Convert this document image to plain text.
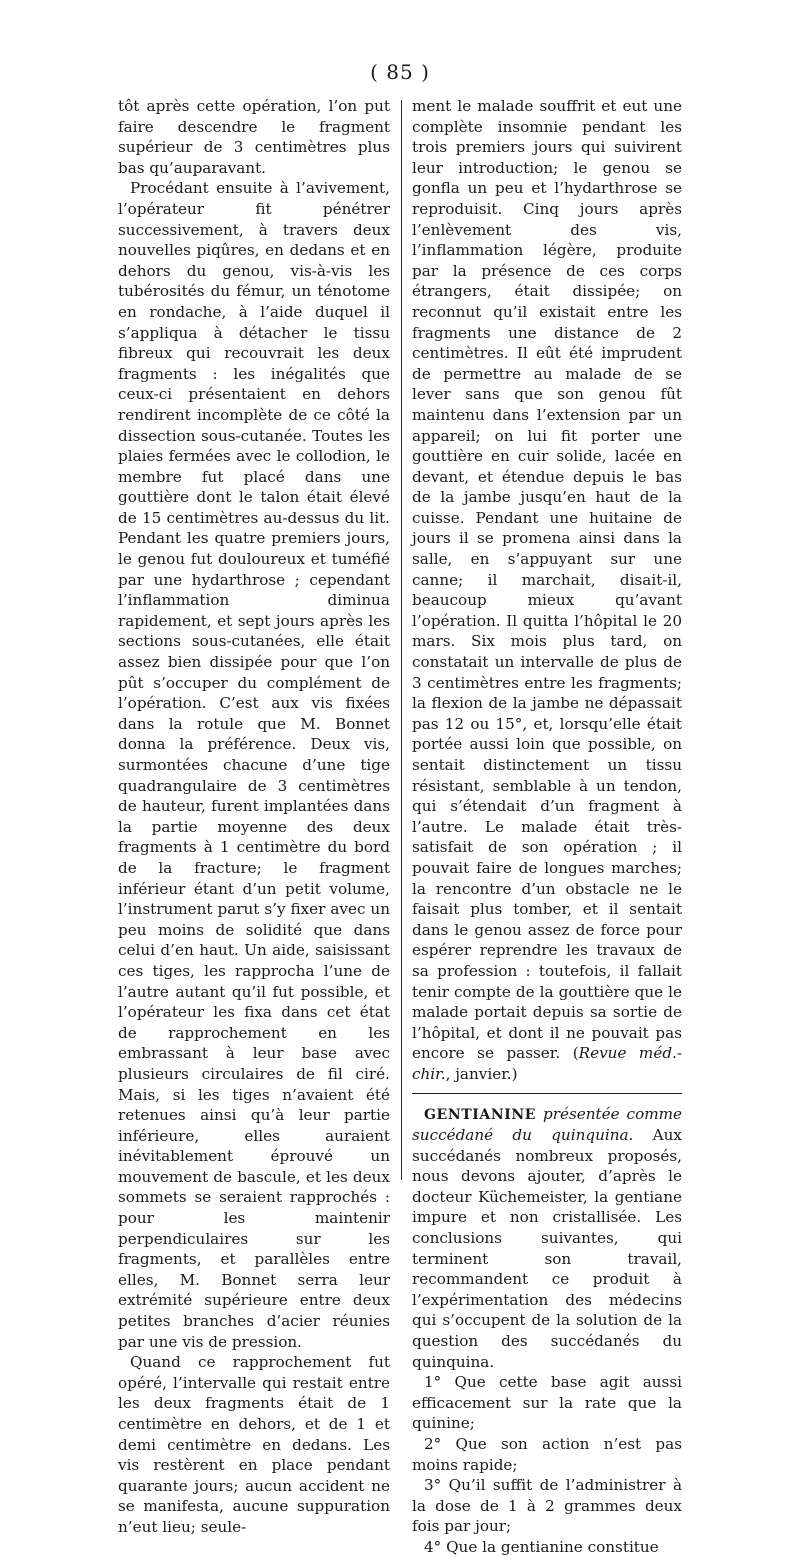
( 85 )

tôt après cette opération, l’on put faire descendre le fragment supérieur de 3 centimètres plus bas qu’auparavant.

Procédant ensuite à l’avivement, l’opérateur fit pénétrer successivement, à travers deux nouvelles piqûres, en dedans et en dehors du genou, vis-à-vis les tubérosités du fémur, un ténotome en rondache, à l’aide duquel il s’appliqua à détacher le tissu fibreux qui recouvrait les deux fragments : les inégalités que ceux-ci présentaient en dehors rendirent incomplète de ce côté la dissection sous-cutanée. Toutes les plaies fermées avec le collodion, le membre fut placé dans une gouttière dont le talon était élevé de 15 centimètres au-dessus du lit. Pendant les quatre premiers jours, le genou fut douloureux et tuméfié par une hydarthrose ; cependant l’inflammation diminua rapidement, et sept jours après les sections sous-cutanées, elle était assez bien dissipée pour que l’on pût s’occuper du complément de l’opération. C’est aux vis fixées dans la rotule que M. Bonnet donna la préférence. Deux vis, surmontées chacune d’une tige quadrangulaire de 3 centimètres de hauteur, furent implantées dans la partie moyenne des deux fragments à 1 centimètre du bord de la fracture; le fragment inférieur étant d’un petit volume, l’instrument parut s’y fixer avec un peu moins de solidité que dans celui d’en haut. Un aide, saisissant ces tiges, les rapprocha l’une de l’autre autant qu’il fut possible, et l’opérateur les fixa dans cet état de rapprochement en les embrassant à leur base avec plusieurs circulaires de fil ciré. Mais, si les tiges n’avaient été retenues ainsi qu’à leur partie inférieure, elles auraient inévitablement éprouvé un mouvement de bascule, et les deux sommets se seraient rapprochés : pour les maintenir perpendiculaires sur les fragments, et parallèles entre elles, M. Bonnet serra leur extrémité supérieure entre deux petites branches d’acier réunies par une vis de pression.

Quand ce rapprochement fut opéré, l’intervalle qui restait entre les deux fragments était de 1 centimètre en dehors, et de 1 et demi centimètre en dedans. Les vis restèrent en place pendant quarante jours; aucun accident ne se manifesta, aucune suppuration n’eut lieu; seule-

ment le malade souffrit et eut une complète insomnie pendant les trois premiers jours qui suivirent leur introduction; le genou se gonfla un peu et l’hydarthrose se reproduisit. Cinq jours après l’enlèvement des vis, l’inflammation légère, produite par la présence de ces corps étrangers, était dissipée; on reconnut qu’il existait entre les fragments une distance de 2 centimètres. Il eût été imprudent de permettre au malade de se lever sans que son genou fût maintenu dans l’extension par un appareil; on lui fit porter une gouttière en cuir solide, lacée en devant, et étendue depuis le bas de la jambe jusqu’en haut de la cuisse. Pendant une huitaine de jours il se promena ainsi dans la salle, en s’appuyant sur une canne; il marchait, disait-il, beaucoup mieux qu’avant l’opération. Il quitta l’hôpital le 20 mars. Six mois plus tard, on constatait un intervalle de plus de 3 centimètres entre les fragments; la flexion de la jambe ne dépassait pas 12 ou 15°, et, lorsqu’elle était portée aussi loin que possible, on sentait distinctement un tissu résistant, semblable à un tendon, qui s’étendait d’un fragment à l’autre. Le malade était très-satisfait de son opération ; il pouvait faire de longues marches; la rencontre d’un obstacle ne le faisait plus tomber, et il sentait dans le genou assez de force pour espérer reprendre les travaux de sa profession : toutefois, il fallait tenir compte de la gouttière que le malade portait depuis sa sortie de l’hôpital, et dont il ne pouvait pas encore se passer. (Revue méd.-chir., janvier.)

GENTIANINE présentée comme succédané du quinquina. Aux succédanés nombreux proposés, nous devons ajouter, d’après le docteur Küchemeister, la gentiane impure et non cristallisée. Les conclusions suivantes, qui terminent son travail, recommandent ce produit à l’expérimentation des médecins qui s’occupent de la solution de la question des succédanés du quinquina.

1° Que cette base agit aussi efficacement sur la rate que la quinine;

2° Que son action n’est pas moins rapide;

3° Qu’il suffit de l’administrer à la dose de 1 à 2 grammes deux fois par jour;

4° Que la gentianine constitue
